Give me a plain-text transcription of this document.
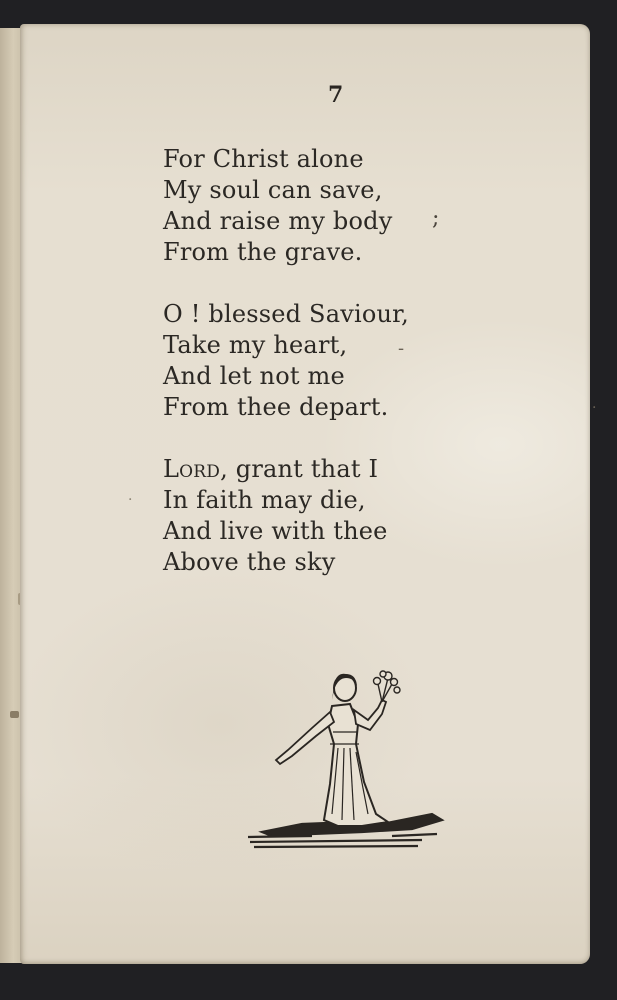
7
For Christ alone
My soul can save,
And raise my body
From the grave.
O ! blessed Saviour,
Take my heart,
And let not me
From thee depart.
Lord, grant that I
In faith may die,
And live with thee
Above the sky
;
-
·
·
